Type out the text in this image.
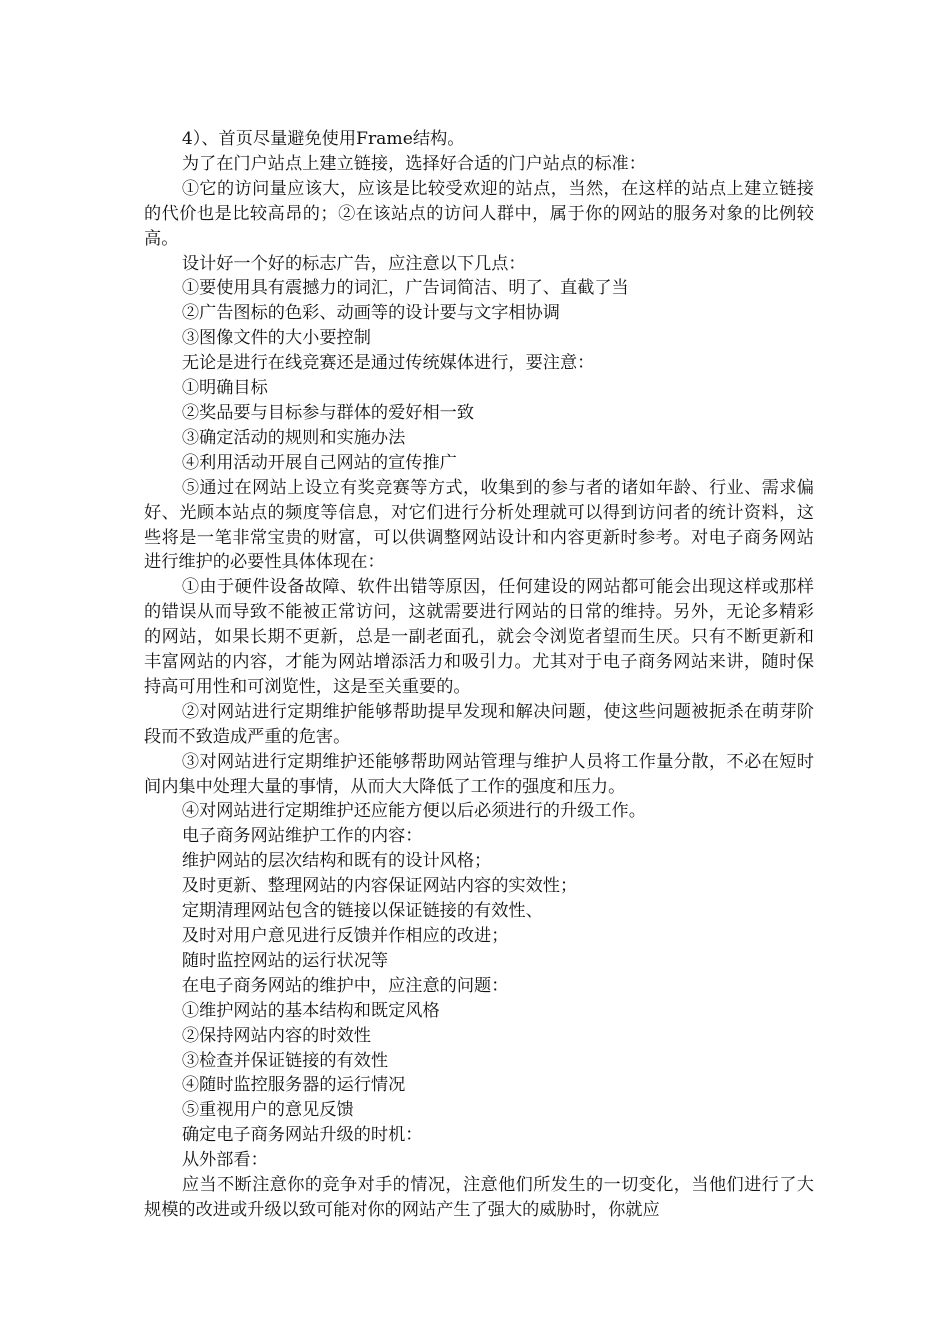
4）、首页尽量避免使用Frame结构。

为了在门户站点上建立链接，选择好合适的门户站点的标准：

①它的访问量应该大，应该是比较受欢迎的站点，当然，在这样的站点上建立链接的代价也是比较高昂的；②在该站点的访问人群中，属于你的网站的服务对象的比例较高。

设计好一个好的标志广告，应注意以下几点：

①要使用具有震撼力的词汇，广告词简洁、明了、直截了当

②广告图标的色彩、动画等的设计要与文字相协调

③图像文件的大小要控制

无论是进行在线竞赛还是通过传统媒体进行，要注意：

①明确目标

②奖品要与目标参与群体的爱好相一致

③确定活动的规则和实施办法

④利用活动开展自己网站的宣传推广

⑤通过在网站上设立有奖竞赛等方式，收集到的参与者的诸如年龄、行业、需求偏好、光顾本站点的频度等信息，对它们进行分析处理就可以得到访问者的统计资料，这些将是一笔非常宝贵的财富，可以供调整网站设计和内容更新时参考。对电子商务网站进行维护的必要性具体体现在：

①由于硬件设备故障、软件出错等原因，任何建设的网站都可能会出现这样或那样的错误从而导致不能被正常访问，这就需要进行网站的日常的维持。另外，无论多精彩的网站，如果长期不更新，总是一副老面孔，就会令浏览者望而生厌。只有不断更新和丰富网站的内容，才能为网站增添活力和吸引力。尤其对于电子商务网站来讲，随时保持高可用性和可浏览性，这是至关重要的。

②对网站进行定期维护能够帮助提早发现和解决问题，使这些问题被扼杀在萌芽阶段而不致造成严重的危害。

③对网站进行定期维护还能够帮助网站管理与维护人员将工作量分散，不必在短时间内集中处理大量的事情，从而大大降低了工作的强度和压力。

④对网站进行定期维护还应能方便以后必须进行的升级工作。

电子商务网站维护工作的内容：

维护网站的层次结构和既有的设计风格；

及时更新、整理网站的内容保证网站内容的实效性；

定期清理网站包含的链接以保证链接的有效性、

及时对用户意见进行反馈并作相应的改进；

随时监控网站的运行状况等

在电子商务网站的维护中，应注意的问题：

①维护网站的基本结构和既定风格

②保持网站内容的时效性

③检查并保证链接的有效性

④随时监控服务器的运行情况

⑤重视用户的意见反馈

确定电子商务网站升级的时机：

从外部看：

应当不断注意你的竞争对手的情况，注意他们所发生的一切变化，当他们进行了大规模的改进或升级以致可能对你的网站产生了强大的威胁时，你就应
